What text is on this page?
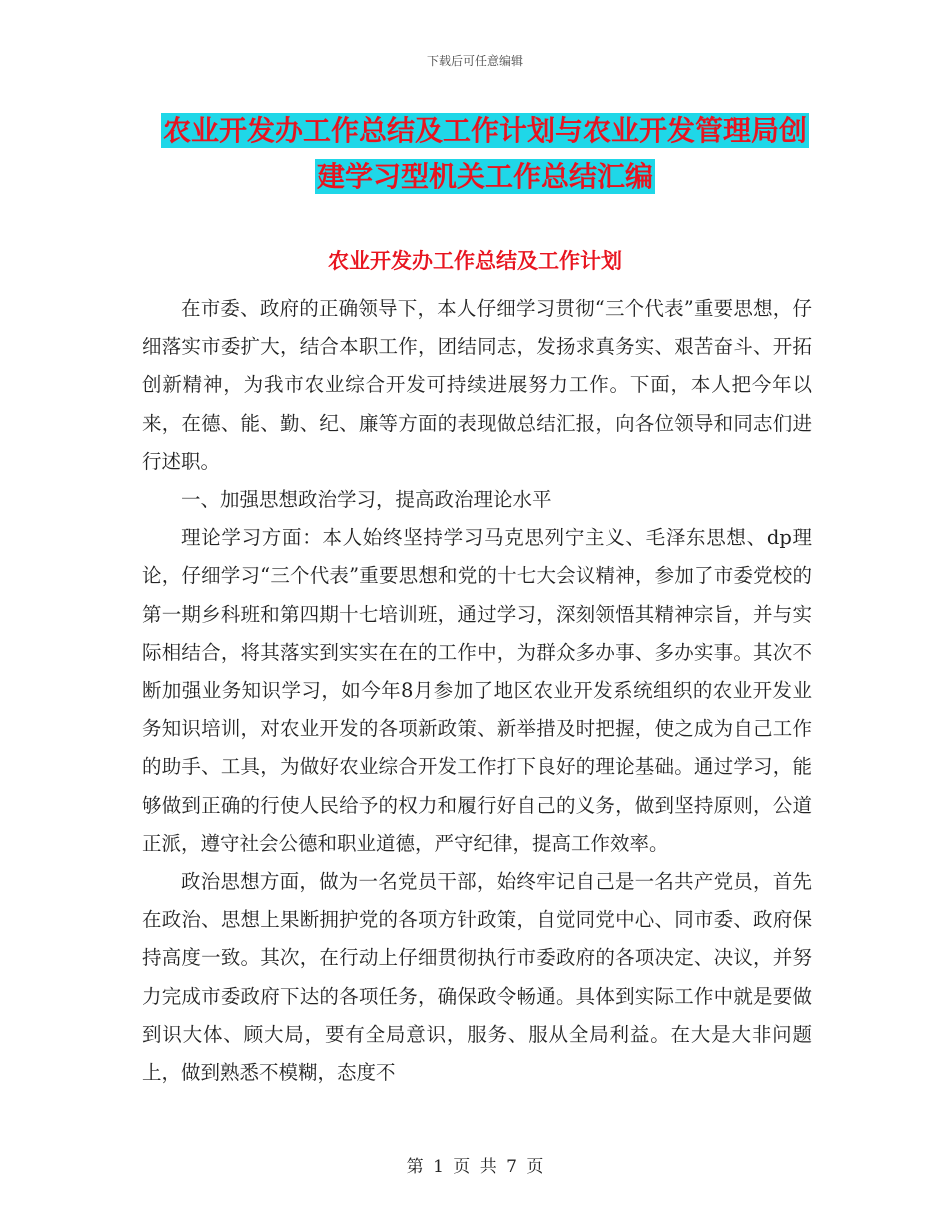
下载后可任意编辑
农业开发办工作总结及工作计划与农业开发管理局创
建学习型机关工作总结汇编
农业开发办工作总结及工作计划

在市委、政府的正确领导下，本人仔细学习贯彻“三个代表”重要思想，仔细落实市委扩大，结合本职工作，团结同志，发扬求真务实、艰苦奋斗、开拓创新精神，为我市农业综合开发可持续进展努力工作。下面，本人把今年以来，在德、能、勤、纪、廉等方面的表现做总结汇报，向各位领导和同志们进行述职。

一、加强思想政治学习，提高政治理论水平

理论学习方面：本人始终坚持学习马克思列宁主义、毛泽东思想、dp理论，仔细学习“三个代表”重要思想和党的十七大会议精神，参加了市委党校的第一期乡科班和第四期十七培训班，通过学习，深刻领悟其精神宗旨，并与实际相结合，将其落实到实实在在的工作中，为群众多办事、多办实事。其次不断加强业务知识学习，如今年8月参加了地区农业开发系统组织的农业开发业务知识培训，对农业开发的各项新政策、新举措及时把握，使之成为自己工作的助手、工具，为做好农业综合开发工作打下良好的理论基础。通过学习，能够做到正确的行使人民给予的权力和履行好自己的义务，做到坚持原则，公道正派，遵守社会公德和职业道德，严守纪律，提高工作效率。

政治思想方面，做为一名党员干部，始终牢记自己是一名共产党员，首先在政治、思想上果断拥护党的各项方针政策，自觉同党中心、同市委、政府保持高度一致。其次，在行动上仔细贯彻执行市委政府的各项决定、决议，并努力完成市委政府下达的各项任务，确保政令畅通。具体到实际工作中就是要做到识大体、顾大局，要有全局意识，服务、服从全局利益。在大是大非问题上，做到熟悉不模糊，态度不

第 1 页 共 7 页
